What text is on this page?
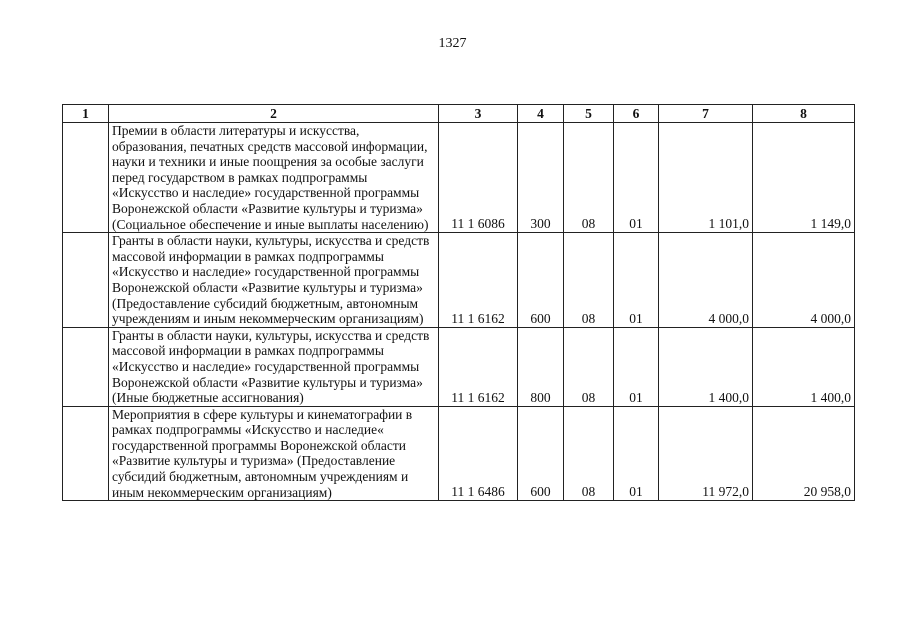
1327
1	2	3	4	5	6	7	8
	Премии в области литературы и искусства, образования, печатных средств массовой информации, науки и техники и иные поощрения за особые заслуги перед государством в рамках подпрограммы «Искусство и наследие» государственной программы Воронежской области «Развитие культуры и туризма» (Социальное обеспечение и иные выплаты населению)	11 1 6086	300	08	01	1 101,0	1 149,0
	Гранты в области науки, культуры, искусства и средств массовой информации в рамках подпрограммы «Искусство и наследие» государственной программы Воронежской области «Развитие культуры и туризма» (Предоставление субсидий бюджетным, автономным учреждениям и иным некоммерческим организациям)	11 1 6162	600	08	01	4 000,0	4 000,0
	Гранты в области науки, культуры, искусства и средств массовой информации в рамках подпрограммы «Искусство и наследие» государственной программы Воронежской области «Развитие культуры и туризма» (Иные бюджетные ассигнования)	11 1 6162	800	08	01	1 400,0	1 400,0
	Мероприятия в сфере культуры и кинематографии в рамках подпрограммы «Искусство и наследие« государственной программы Воронежской области «Развитие культуры и туризма» (Предоставление субсидий бюджетным, автономным учреждениям и иным некоммерческим организациям)	11 1 6486	600	08	01	11 972,0	20 958,0
